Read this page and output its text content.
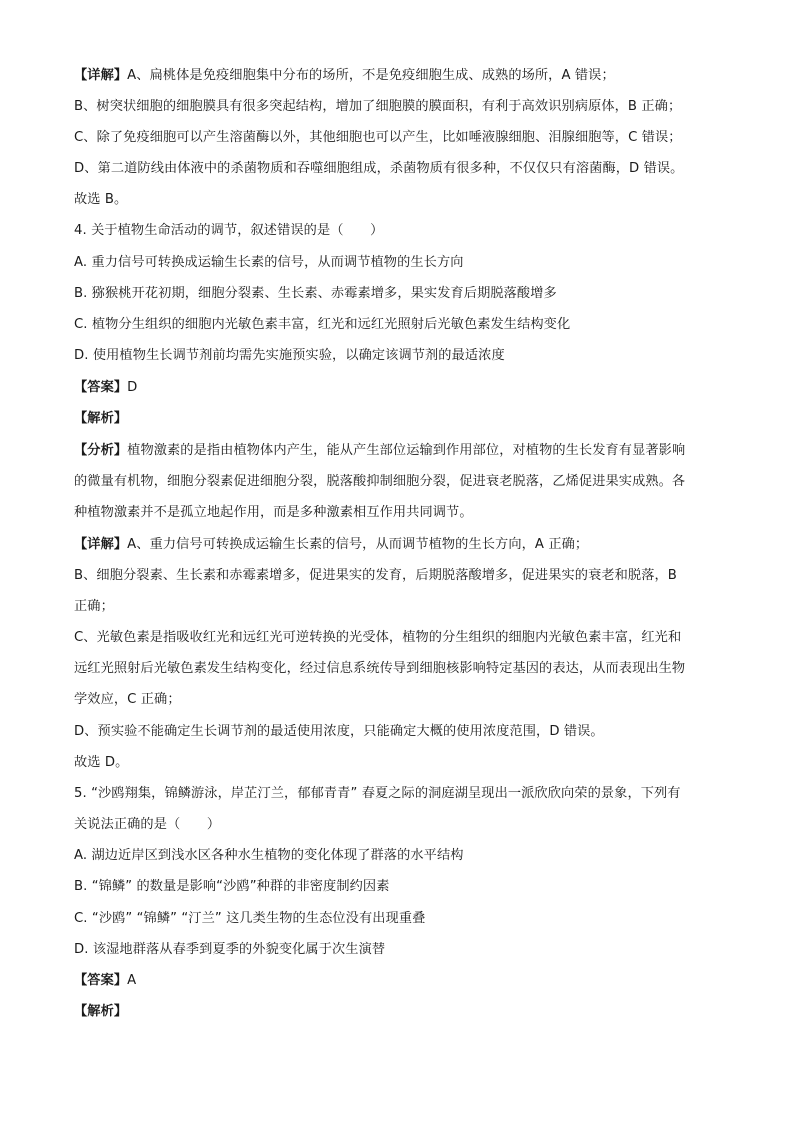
【详解】A、扁桃体是免疫细胞集中分布的场所，不是免疫细胞生成、成熟的场所，A 错误；
B、树突状细胞的细胞膜具有很多突起结构，增加了细胞膜的膜面积，有利于高效识别病原体，B 正确；
C、除了免疫细胞可以产生溶菌酶以外，其他细胞也可以产生，比如唾液腺细胞、泪腺细胞等，C 错误；
D、第二道防线由体液中的杀菌物质和吞噬细胞组成，杀菌物质有很多种，不仅仅只有溶菌酶，D 错误。
故选 B。
4. 关于植物生命活动的调节，叙述错误的是（　　）
A. 重力信号可转换成运输生长素的信号，从而调节植物的生长方向
B. 猕猴桃开花初期，细胞分裂素、生长素、赤霉素增多，果实发育后期脱落酸增多
C. 植物分生组织的细胞内光敏色素丰富，红光和远红光照射后光敏色素发生结构变化
D. 使用植物生长调节剂前均需先实施预实验，以确定该调节剂的最适浓度
【答案】D
【解析】
【分析】植物激素的是指由植物体内产生，能从产生部位运输到作用部位，对植物的生长发育有显著影响
的微量有机物，细胞分裂素促进细胞分裂，脱落酸抑制细胞分裂，促进衰老脱落，乙烯促进果实成熟。各
种植物激素并不是孤立地起作用，而是多种激素相互作用共同调节。
【详解】A、重力信号可转换成运输生长素的信号，从而调节植物的生长方向，A 正确；
B、细胞分裂素、生长素和赤霉素增多，促进果实的发育，后期脱落酸增多，促进果实的衰老和脱落，B
正确；
C、光敏色素是指吸收红光和远红光可逆转换的光受体，植物的分生组织的细胞内光敏色素丰富，红光和
远红光照射后光敏色素发生结构变化，经过信息系统传导到细胞核影响特定基因的表达，从而表现出生物
学效应，C 正确；
D、预实验不能确定生长调节剂的最适使用浓度，只能确定大概的使用浓度范围，D 错误。
故选 D。
5. “沙鸥翔集，锦鳞游泳，岸芷汀兰，郁郁青青” 春夏之际的洞庭湖呈现出一派欣欣向荣的景象，下列有
关说法正确的是（　　）
A. 湖边近岸区到浅水区各种水生植物的变化体现了群落的水平结构
B. “锦鳞” 的数量是影响“沙鸥”种群的非密度制约因素
C. “沙鸥” “锦鳞” “汀兰” 这几类生物的生态位没有出现重叠
D. 该湿地群落从春季到夏季的外貌变化属于次生演替
【答案】A
【解析】
